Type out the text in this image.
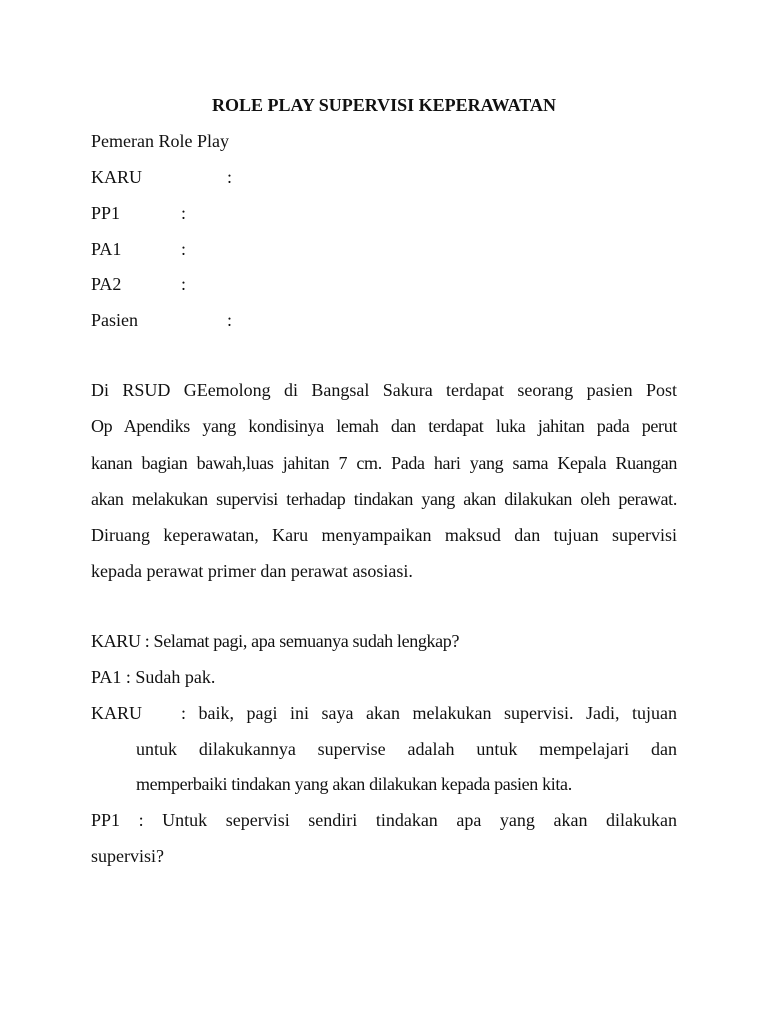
ROLE PLAY SUPERVISI KEPERAWATAN
Pemeran Role Play
KARU	:
PP1	:
PA1	:
PA2	:
Pasien	:
Di RSUD GEemolong di Bangsal Sakura terdapat seorang pasien Post
Op Apendiks yang kondisinya lemah dan terdapat luka jahitan pada perut
kanan bagian bawah,luas jahitan 7 cm. Pada hari yang sama Kepala Ruangan
akan melakukan supervisi terhadap tindakan yang akan dilakukan oleh perawat.
Diruang keperawatan, Karu menyampaikan maksud dan tujuan supervisi
kepada perawat primer dan perawat asosiasi.
KARU : Selamat pagi, apa semuanya sudah lengkap?
PA1 : Sudah pak.
KARU : baik, pagi ini saya akan melakukan supervisi. Jadi, tujuan
untuk dilakukannya supervise adalah untuk mempelajari dan
memperbaiki tindakan yang akan dilakukan kepada pasien kita.
PP1 : Untuk sepervisi sendiri tindakan apa yang akan dilakukan
supervisi?
